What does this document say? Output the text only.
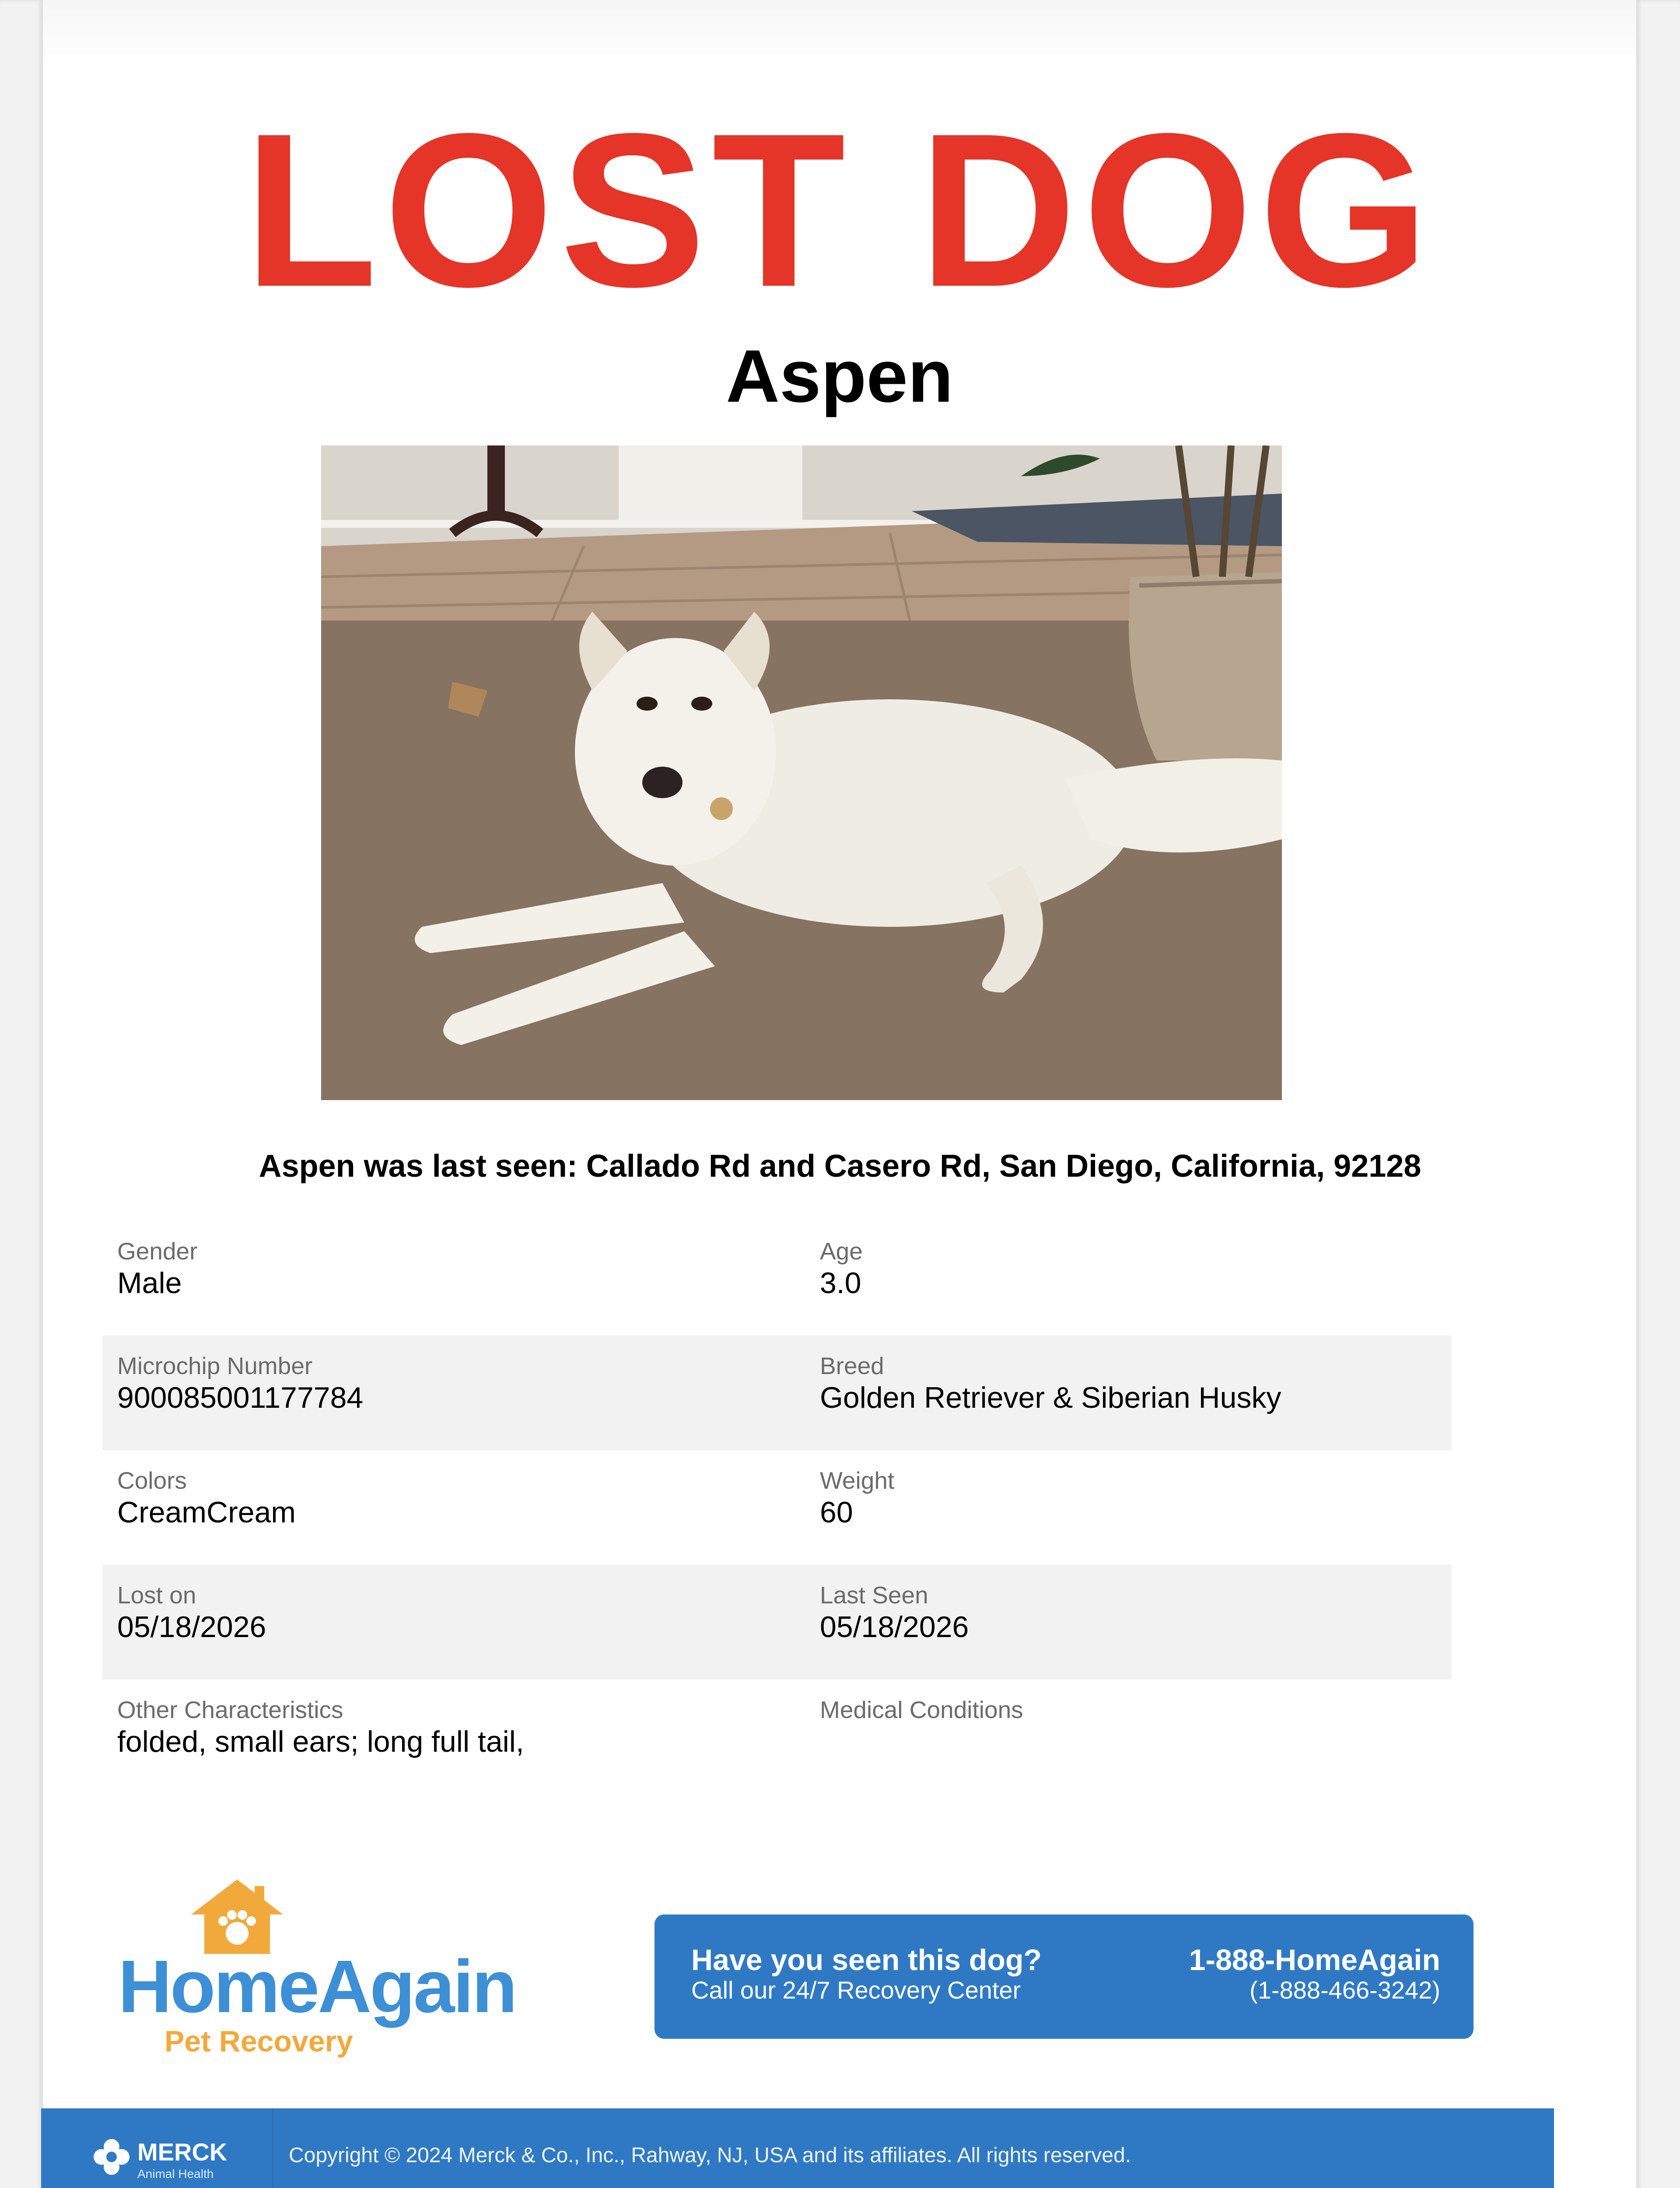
LOST DOG
Aspen
Aspen was last seen: Callado Rd and Casero Rd, San Diego, California, 92128
Gender
Male
Age
3.0
Microchip Number
900085001177784
Breed
Golden Retriever & Siberian Husky
Colors
CreamCream
Weight
60
Lost on
05/18/2026
Last Seen
05/18/2026
Other Characteristics
folded, small ears; long full tail,
Medical Conditions
HomeAgain
Pet Recovery
Have you seen this dog?
Call our 24/7 Recovery Center
1-888-HomeAgain
(1-888-466-3242)
MERCK
Animal Health
Copyright © 2024 Merck & Co., Inc., Rahway, NJ, USA and its affiliates. All rights reserved.
